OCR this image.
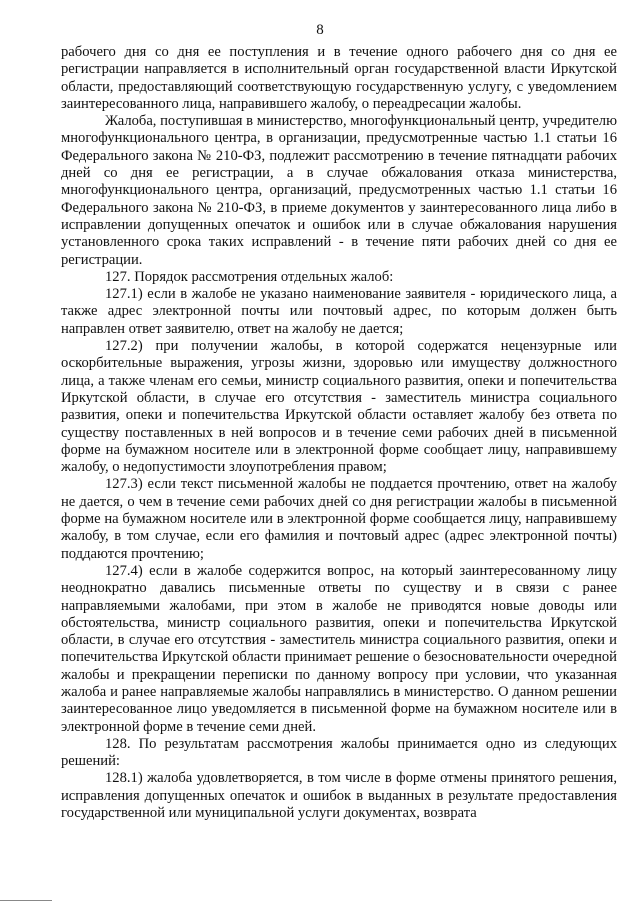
8

рабочего дня со дня ее поступления и в течение одного рабочего дня со дня ее регистрации направляется в исполнительный орган государственной власти Иркутской области, предоставляющий соответствующую государственную услугу, с уведомлением заинтересованного лица, направившего жалобу, о переадресации жалобы.

Жалоба, поступившая в министерство, многофункциональный центр, учредителю многофункционального центра, в организации, предусмотренные частью 1.1 статьи 16 Федерального закона № 210-ФЗ, подлежит рассмотрению в течение пятнадцати рабочих дней со дня ее регистрации, а в случае обжалования отказа министерства, многофункционального центра, организаций, предусмотренных частью 1.1 статьи 16 Федерального закона № 210-ФЗ, в приеме документов у заинтересованного лица либо в исправлении допущенных опечаток и ошибок или в случае обжалования нарушения установленного срока таких исправлений - в течение пяти рабочих дней со дня ее регистрации.

127. Порядок рассмотрения отдельных жалоб:

127.1) если в жалобе не указано наименование заявителя - юридического лица, а также адрес электронной почты или почтовый адрес, по которым должен быть направлен ответ заявителю, ответ на жалобу не дается;

127.2) при получении жалобы, в которой содержатся нецензурные или оскорбительные выражения, угрозы жизни, здоровью или имуществу должностного лица, а также членам его семьи, министр социального развития, опеки и попечительства Иркутской области, в случае его отсутствия - заместитель министра социального развития, опеки и попечительства Иркутской области оставляет жалобу без ответа по существу поставленных в ней вопросов и в течение семи рабочих дней в письменной форме на бумажном носителе или в электронной форме сообщает лицу, направившему жалобу, о недопустимости злоупотребления правом;

127.3) если текст письменной жалобы не поддается прочтению, ответ на жалобу не дается, о чем в течение семи рабочих дней со дня регистрации жалобы в письменной форме на бумажном носителе или в электронной форме сообщается лицу, направившему жалобу, в том случае, если его фамилия и почтовый адрес (адрес электронной почты) поддаются прочтению;

127.4) если в жалобе содержится вопрос, на который заинтересованному лицу неоднократно давались письменные ответы по существу и в связи с ранее направляемыми жалобами, при этом в жалобе не приводятся новые доводы или обстоятельства, министр социального развития, опеки и попечительства Иркутской области, в случае его отсутствия - заместитель министра социального развития, опеки и попечительства Иркутской области принимает решение о безосновательности очередной жалобы и прекращении переписки по данному вопросу при условии, что указанная жалоба и ранее направляемые жалобы направлялись в министерство. О данном решении заинтересованное лицо уведомляется в письменной форме на бумажном носителе или в электронной форме в течение семи дней.

128. По результатам рассмотрения жалобы принимается одно из следующих решений:

128.1) жалоба удовлетворяется, в том числе в форме отмены принятого решения, исправления допущенных опечаток и ошибок в выданных в результате предоставления государственной или муниципальной услуги документах, возврата
